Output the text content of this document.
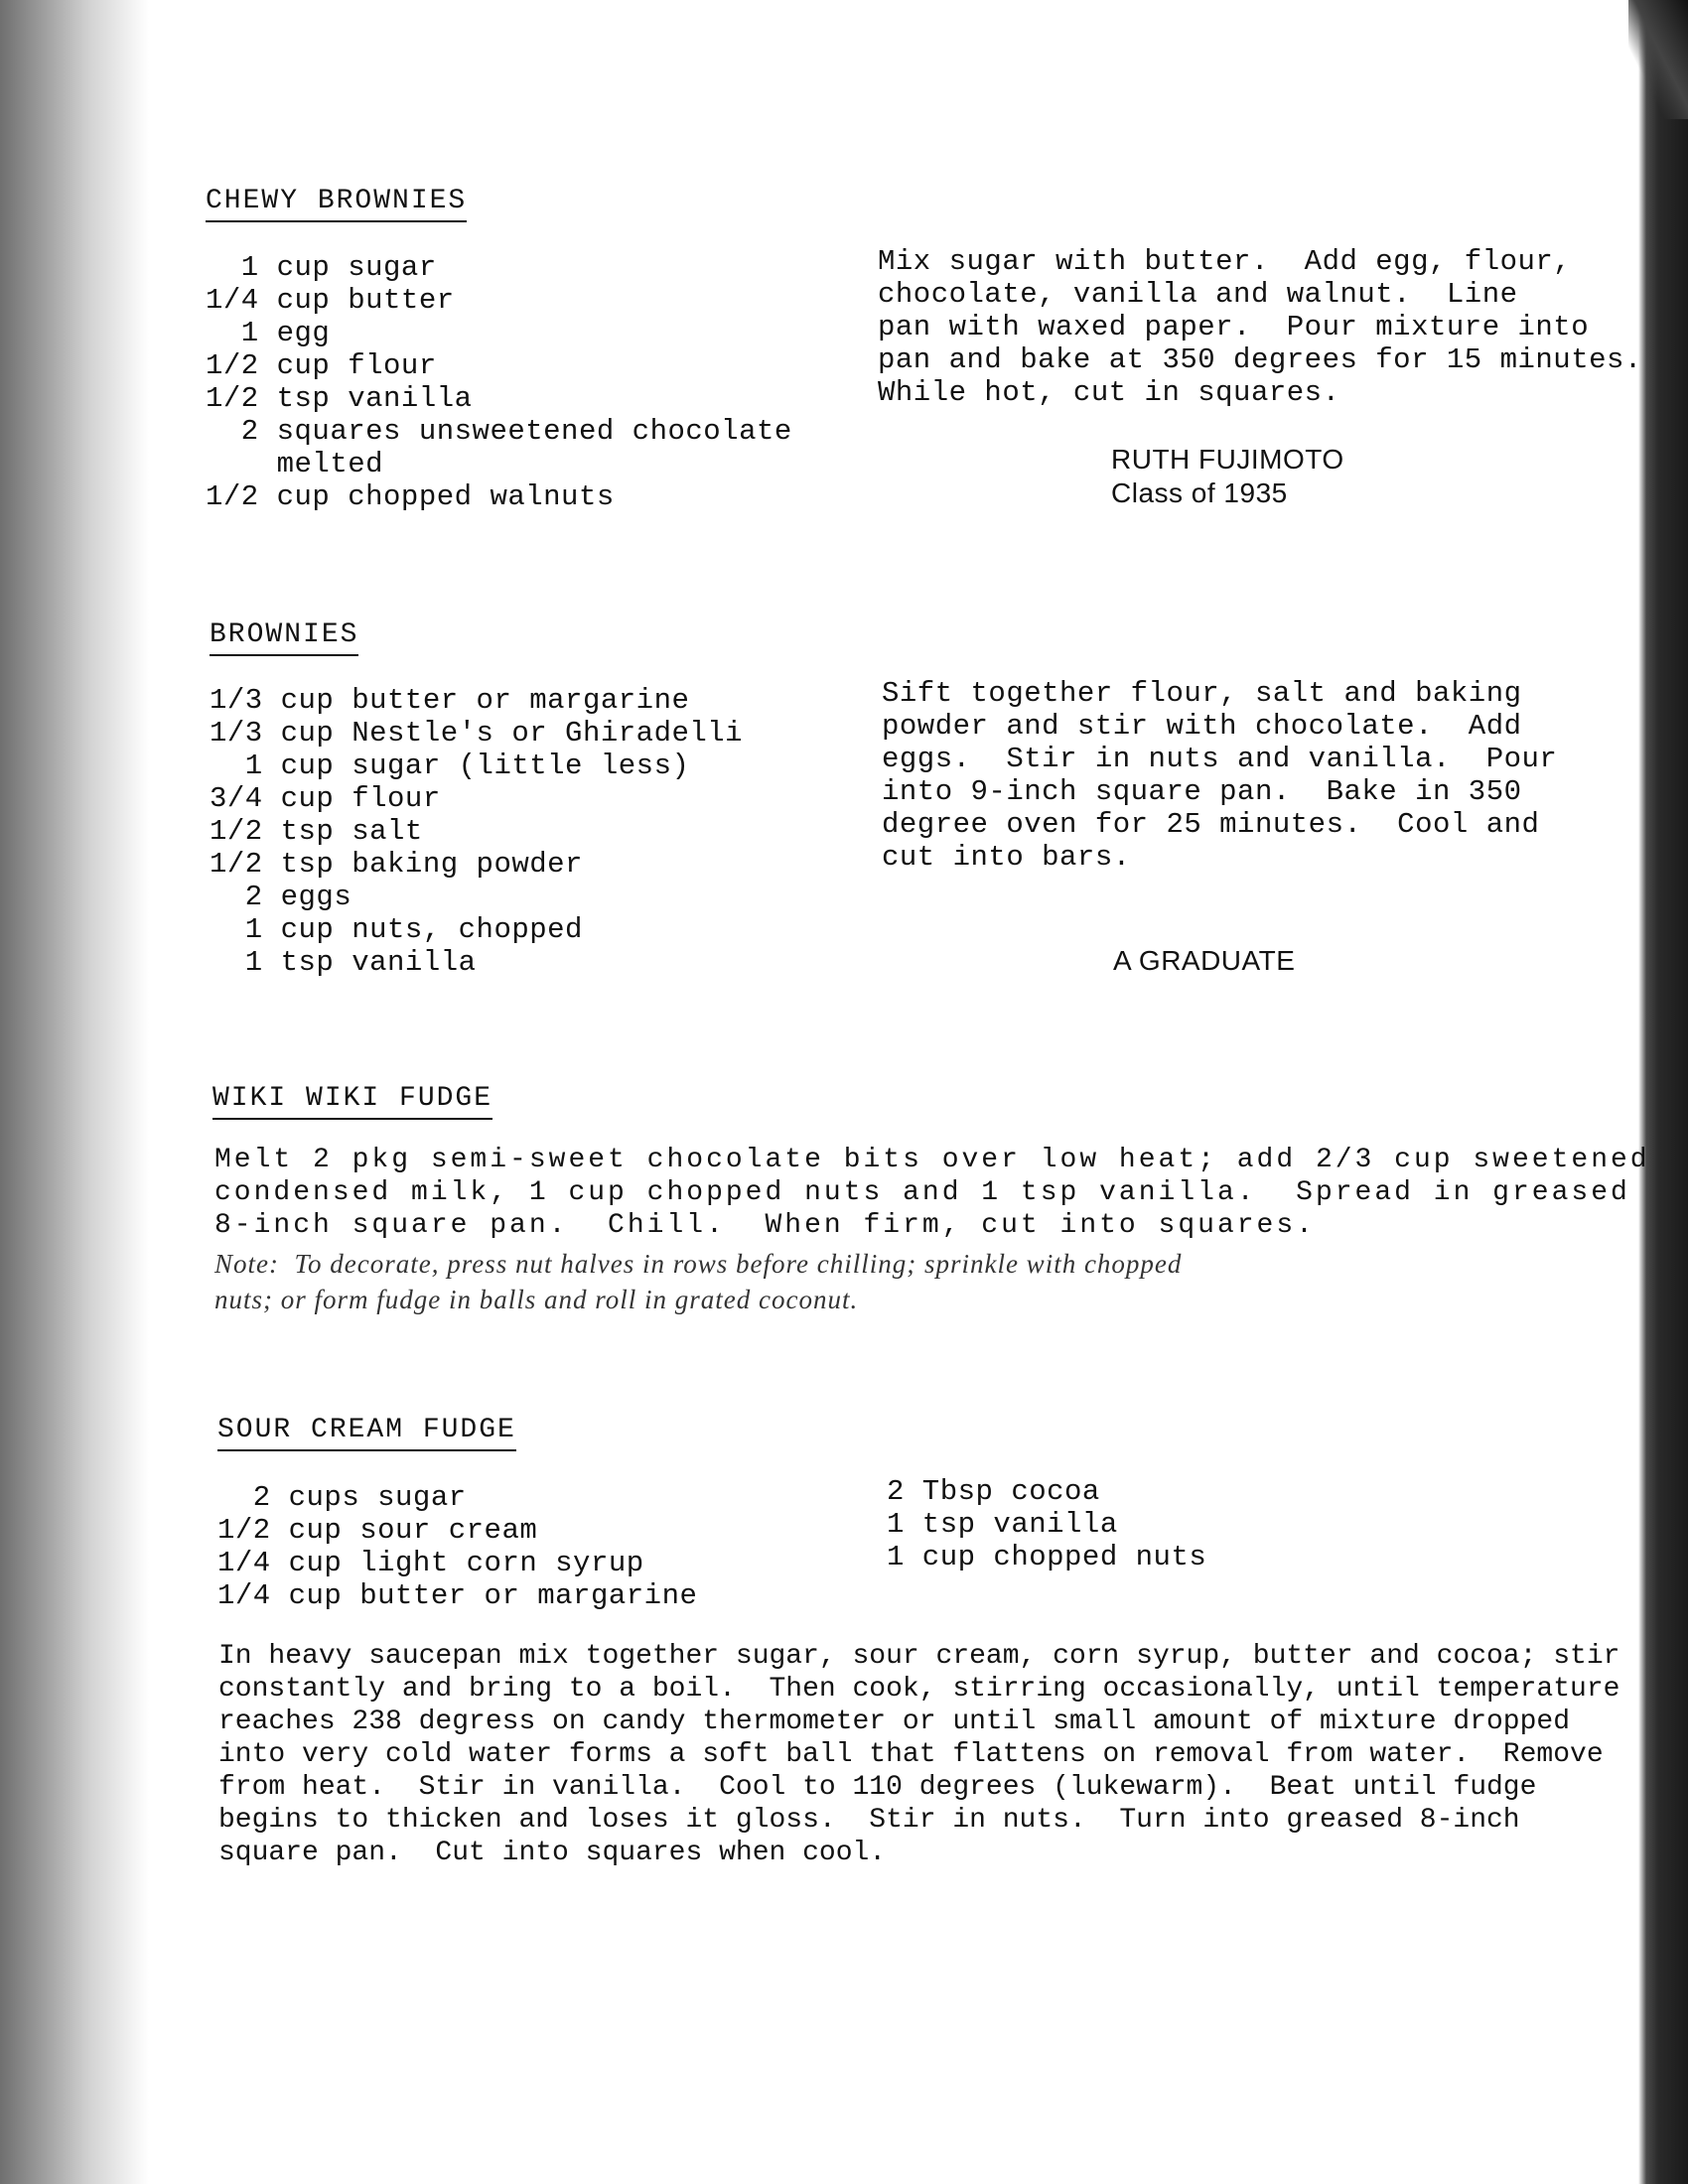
CHEWY BROWNIES
1 cup sugar
1/4 cup butter
1 egg
1/2 cup flour
1/2 tsp vanilla
2 squares unsweetened chocolate
melted
1/2 cup chopped walnuts
Mix sugar with butter.  Add egg, flour,
chocolate, vanilla and walnut.  Line
pan with waxed paper.  Pour mixture into
pan and bake at 350 degrees for 15 minutes.
While hot, cut in squares.
RUTH FUJIMOTO
Class of 1935
BROWNIES
1/3 cup butter or margarine
1/3 cup Nestle's or Ghiradelli
1 cup sugar (little less)
3/4 cup flour
1/2 tsp salt
1/2 tsp baking powder
2 eggs
1 cup nuts, chopped
1 tsp vanilla
Sift together flour, salt and baking
powder and stir with chocolate.  Add
eggs.  Stir in nuts and vanilla.  Pour
into 9-inch square pan.  Bake in 350
degree oven for 25 minutes.  Cool and
cut into bars.
A GRADUATE
WIKI WIKI FUDGE
Melt 2 pkg semi-sweet chocolate bits over low heat; add 2/3 cup sweetened
condensed milk, 1 cup chopped nuts and 1 tsp vanilla.  Spread in greased
8-inch square pan.  Chill.  When firm, cut into squares.
Note:  To decorate, press nut halves in rows before chilling; sprinkle with chopped
nuts; or form fudge in balls and roll in grated coconut.
SOUR CREAM FUDGE
2 cups sugar
1/2 cup sour cream
1/4 cup light corn syrup
1/4 cup butter or margarine
2 Tbsp cocoa
1 tsp vanilla
1 cup chopped nuts
In heavy saucepan mix together sugar, sour cream, corn syrup, butter and cocoa; stir
constantly and bring to a boil.  Then cook, stirring occasionally, until temperature
reaches 238 degress on candy thermometer or until small amount of mixture dropped
into very cold water forms a soft ball that flattens on removal from water.  Remove
from heat.  Stir in vanilla.  Cool to 110 degrees (lukewarm).  Beat until fudge
begins to thicken and loses it gloss.  Stir in nuts.  Turn into greased 8-inch
square pan.  Cut into squares when cool.
